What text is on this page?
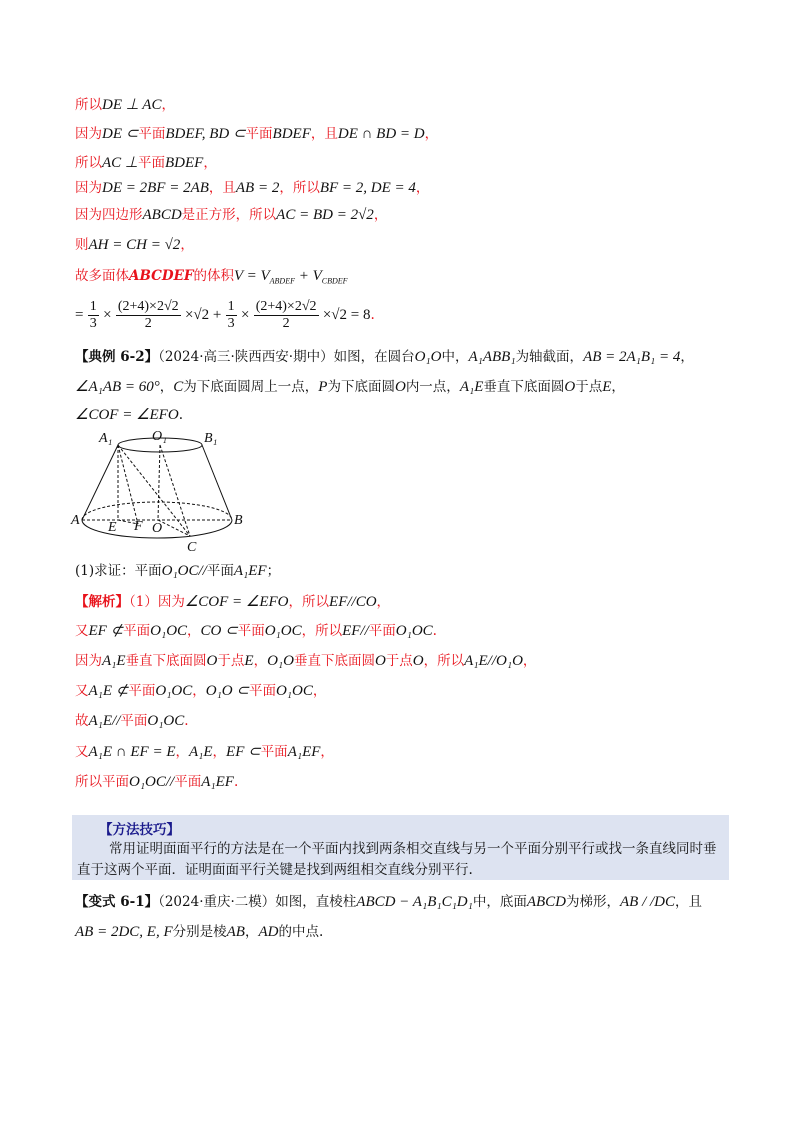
所以DE ⊥ AC，
因为DE ⊂平面BDEF, BD ⊂平面BDEF，且DE ∩ BD = D，
所以AC ⊥平面BDEF，
因为DE = 2BF = 2AB，且AB = 2，所以BF = 2, DE = 4，
因为四边形ABCD是正方形，所以AC = BD = 2√2，
则AH = CH = √2，
故多面体ABCDEF的体积$V = V_{ABDEF} + V_{CBDEF}$
= $\frac{1}{3} \times \frac{(2+4)\times 2√2}{2} \times√2 + \frac{1}{3} \times \frac{(2+4)\times 2√2}{2} \times√2 = 8$.
【典例 6-2】（2024·高三·陕西西安·期中）如图，在圆台O₁O中，A₁ABB₁为轴截面，AB = 2A₁B₁ = 4，
∠A₁AB = 60°，C为下底面圆周上一点，P为下底面圆O内一点，A₁E垂直下底面圆O于点E，
∠COF = ∠EFO.
A₁	O₁	B₁
A E F O
B
C
(1)求证：平面O₁OC//平面A₁EF；
【解析】（1）因为∠COF = ∠EFO，所以EF//CO，
又EF ⊄平面O₁OC，CO ⊂平面O₁OC，所以EF//平面O₁OC.
因为A₁E垂直下底面圆O于点E，O₁O垂直下底面圆O于点O，所以A₁E//O₁O，
又A₁E ⊄平面O₁OC，O₁O ⊂平面O₁OC，
故A₁E//平面O₁OC.
又A₁E ∩ EF = E，A₁E，EF ⊂平面A₁EF，
所以平面O₁OC//平面A₁EF.
【方法技巧】
常用证明面面平行的方法是在一个平面内找到两条相交直线与另一个平面分别平行或找一条直线同时垂直于这两个平面．证明面面平行关键是找到两组相交直线分别平行.
【变式 6-1】（2024·重庆·二模）如图，直棱柱ABCD − A₁B₁C₁D₁中，底面ABCD为梯形，AB / /DC，且
AB = 2DC, E, F分别是棱AB，AD的中点.
